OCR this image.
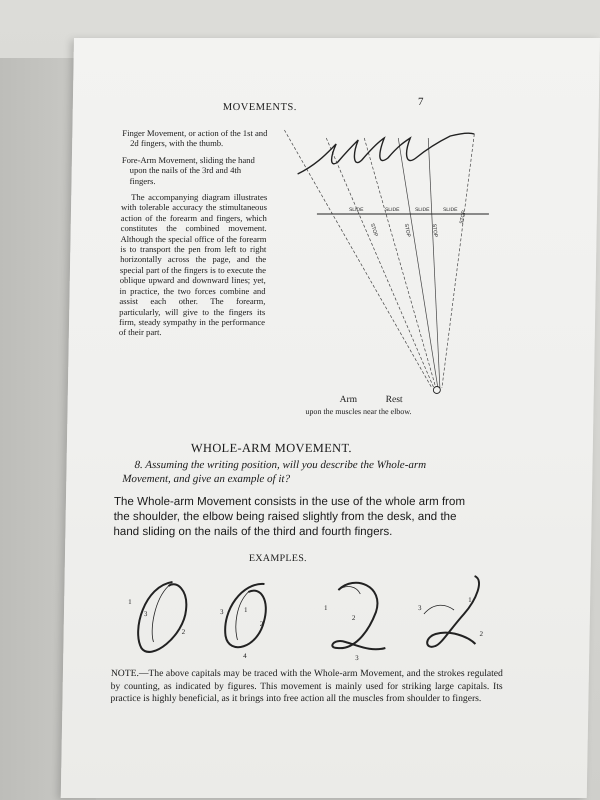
MOVEMENTS.	7

Finger Movement, or action of the 1st and 2d fingers, with the thumb.

Fore-Arm Movement, sliding the hand upon the nails of the 3rd and 4th fingers.

The accompanying diagram illustrates with tolerable accuracy the stimultaneous action of the forearm and fingers, which constitutes the combined movement. Although the special office of the forearm is to transport the pen from left to right horizontally across the page, and the special part of the fingers is to execute the oblique upward and downward lines; yet, in practice, the two forces combine and assist each other. The forearm, particularly, will give to the fingers its firm, steady sympathy in the performance of their part.

SLIDE
STOP
SLIDE
STOP
SLIDE
STOP
SLIDE STOP
Arm	Rest
upon the muscles near the elbow.
WHOLE-ARM MOVEMENT.
8. Assuming the writing position, will you describe the Whole-arm Movement, and give an example of it?
The Whole-arm Movement consists in the use of the whole arm from the shoulder, the elbow being raised slightly from the desk, and the hand sliding on the nails of the third and fourth fingers.
EXAMPLES.
1
3
2
3	1
2
4
1
2
3
3
1
2
NOTE.—The above capitals may be traced with the Whole-arm Movement, and the strokes regulated by counting, as indicated by figures. This movement is mainly used for striking large capitals. Its practice is highly beneficial, as it brings into free action all the muscles from shoulder to fingers.
